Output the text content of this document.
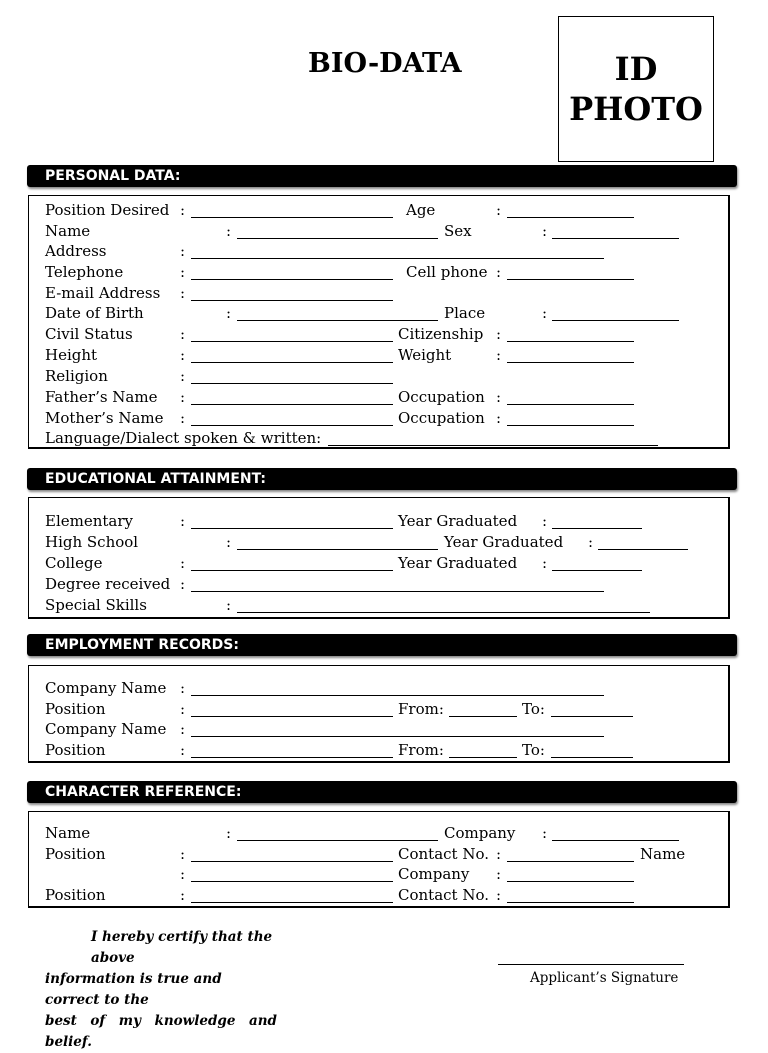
BIO-DATA	ID
PHOTO
PERSONAL DATA:
Position Desired :	Age	:
Name	:	Sex	:
Address	:
Telephone	:	Cell phone :
E-mail Address :
Date of Birth	:	Place	:
Civil Status	:	Citizenship :
Height	:	Weight	:
Religion	:
Father’s Name :	Occupation :
Mother’s Name :	Occupation :
Language/Dialect spoken & written:
EDUCATIONAL ATTAINMENT:
Elementary	:	Year Graduated :
High School	:	Year Graduated :
College	:	Year Graduated :
Degree received :
Special Skills	:
EMPLOYMENT RECORDS:
Company Name :
Position	:	From:	To:
Company Name :
Position	:	From:	To:
CHARACTER REFERENCE:
Name	:	Company :
Position	:	Contact No. :	Name
:	Company :
Position	:	Contact No. :
I hereby certify that the above
information is true and correct to the
best of my knowledge and belief.
Applicant’s Signature
